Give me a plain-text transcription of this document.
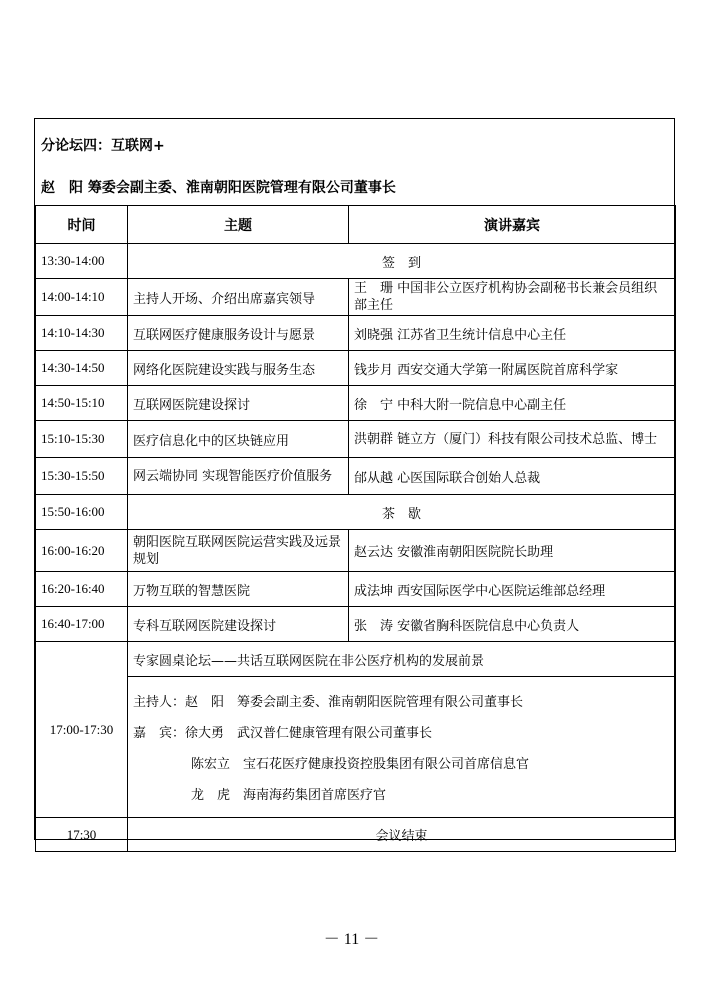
分论坛四：互联网+
赵　阳 筹委会副主委、淮南朝阳医院管理有限公司董事长
时间	主题	演讲嘉宾
13:30-14:00	签　到	
14:00-14:10	主持人开场、介绍出席嘉宾领导	王　珊 中国非公立医疗机构协会副秘书长兼会员组织部主任
14:10-14:30	互联网医疗健康服务设计与愿景	刘晓强 江苏省卫生统计信息中心主任
14:30-14:50	网络化医院建设实践与服务生态	钱步月 西安交通大学第一附属医院首席科学家
14:50-15:10	互联网医院建设探讨	徐　宁 中科大附一院信息中心副主任
15:10-15:30	医疗信息化中的区块链应用	洪朝群 链立方（厦门）科技有限公司技术总监、博士
15:30-15:50	网云端协同 实现智能医疗价值服务	邰从越 心医国际联合创始人总裁
15:50-16:00	茶　歇	
16:00-16:20	朝阳医院互联网医院运营实践及远景规划	赵云达 安徽淮南朝阳医院院长助理
16:20-16:40	万物互联的智慧医院	成法坤 西安国际医学中心医院运维部总经理
16:40-17:00	专科互联网医院建设探讨	张　涛 安徽省胸科医院信息中心负责人
17:00-17:30	专家圆桌论坛——共话互联网医院在非公医疗机构的发展前景
主持人：赵　阳　筹委会副主委、淮南朝阳医院管理有限公司董事长
嘉　宾：徐大勇　武汉普仁健康管理有限公司董事长
陈宏立　宝石花医疗健康投资控股集团有限公司首席信息官
龙　虎　海南海药集团首席医疗官	

17:30	会议结束	
－ 11 －
